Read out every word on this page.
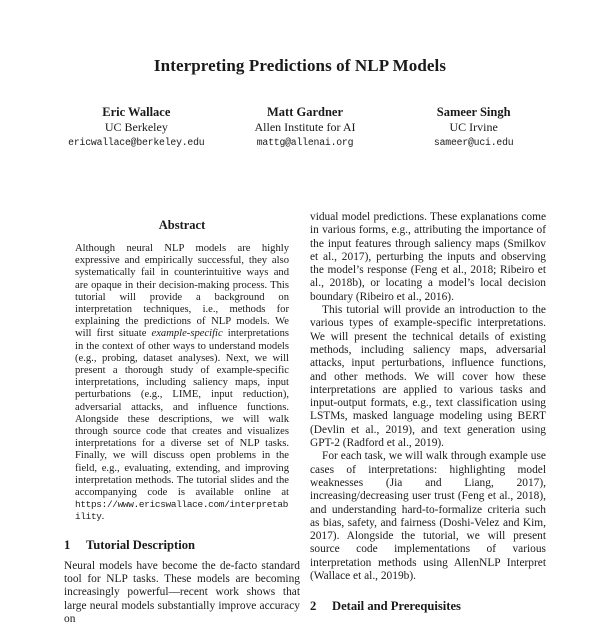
Interpreting Predictions of NLP Models
Eric Wallace
UC Berkeley
ericwallace@berkeley.edu
Matt Gardner
Allen Institute for AI
mattg@allenai.org
Sameer Singh
UC Irvine
sameer@uci.edu
Abstract

Although neural NLP models are highly expressive and empirically successful, they also systematically fail in counterintuitive ways and are opaque in their decision-making process. This tutorial will provide a background on interpretation techniques, i.e., methods for explaining the predictions of NLP models. We will first situate example-specific interpretations in the context of other ways to understand models (e.g., probing, dataset analyses). Next, we will present a thorough study of example-specific interpretations, including saliency maps, input perturbations (e.g., LIME, input reduction), adversarial attacks, and influence functions. Alongside these descriptions, we will walk through source code that creates and visualizes interpretations for a diverse set of NLP tasks. Finally, we will discuss open problems in the field, e.g., evaluating, extending, and improving interpretation methods. The tutorial slides and the accompanying code is available online at https://www.ericswallace.com/interpretability.

1 Tutorial Description

Neural models have become the de-facto standard tool for NLP tasks. These models are becoming increasingly powerful—recent work shows that large neural models substantially improve accuracy on

vidual model predictions. These explanations come in various forms, e.g., attributing the importance of the input features through saliency maps (Smilkov et al., 2017), perturbing the inputs and observing the model’s response (Feng et al., 2018; Ribeiro et al., 2018b), or locating a model’s local decision boundary (Ribeiro et al., 2016).

This tutorial will provide an introduction to the various types of example-specific interpretations. We will present the technical details of existing methods, including saliency maps, adversarial attacks, input perturbations, influence functions, and other methods. We will cover how these interpretations are applied to various tasks and input-output formats, e.g., text classification using LSTMs, masked language modeling using BERT (Devlin et al., 2019), and text generation using GPT-2 (Radford et al., 2019).

For each task, we will walk through example use cases of interpretations: highlighting model weaknesses (Jia and Liang, 2017), increasing/decreasing user trust (Feng et al., 2018), and understanding hard-to-formalize criteria such as bias, safety, and fairness (Doshi-Velez and Kim, 2017). Alongside the tutorial, we will present source code implementations of various interpretation methods using AllenNLP Interpret (Wallace et al., 2019b).

2 Detail and Prerequisites
